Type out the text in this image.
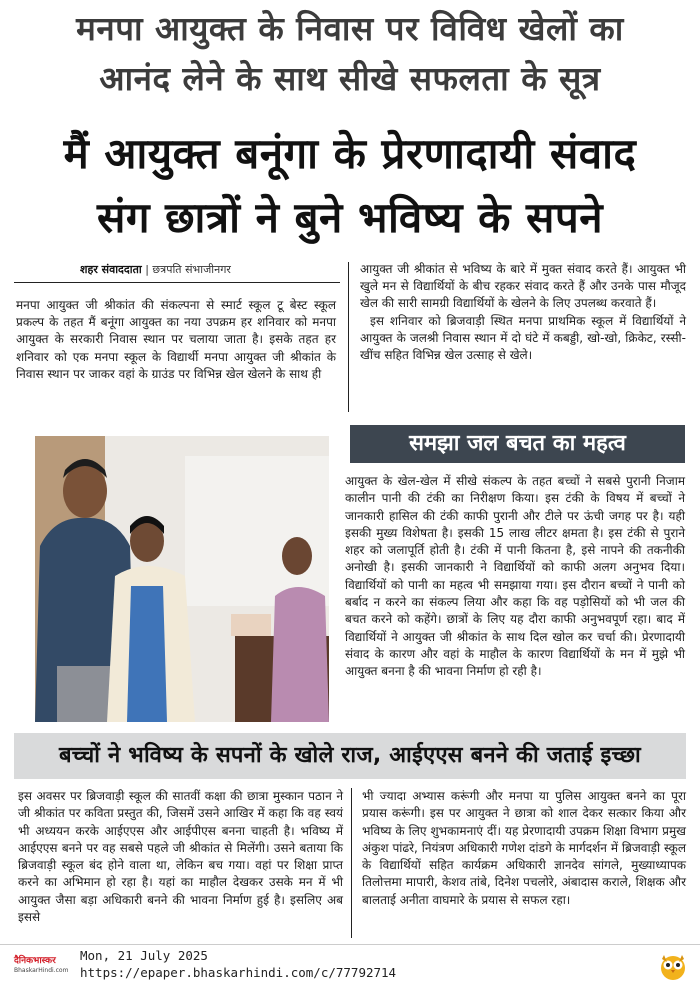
मनपा आयुक्त के निवास पर विविध खेलों का
आनंद लेने के साथ सीखे सफलता के सूत्र
मैं आयुक्त बनूंगा के प्रेरणादायी संवाद
संग छात्रों ने बुने भविष्य के सपने
शहर संवाददाता | छत्रपति संभाजीनगर
मनपा आयुक्त जी श्रीकांत की संकल्पना से स्मार्ट स्कूल टू बेस्ट स्कूल प्रकल्प के तहत मैं बनूंगा आयुक्त का नया उपक्रम हर शनिवार को मनपा आयुक्त के सरकारी निवास स्थान पर चलाया जाता है। इसके तहत हर शनिवार को एक मनपा स्कूल के विद्यार्थी मनपा आयुक्त जी श्रीकांत के निवास स्थान पर जाकर वहां के ग्राउंड पर विभिन्न खेल खेलने के साथ ही
आयुक्त जी श्रीकांत से भविष्य के बारे में मुक्त संवाद करते हैं। आयुक्त भी खुले मन से विद्यार्थियों के बीच रहकर संवाद करते हैं और उनके पास मौजूद खेल की सारी सामग्री विद्यार्थियों के खेलने के लिए उपलब्ध करवाते हैं।
इस शनिवार को ब्रिजवाड़ी स्थित मनपा प्राथमिक स्कूल में विद्यार्थियों ने आयुक्त के जलश्री निवास स्थान में दो घंटे में कबड्डी, खो-खो, क्रिकेट, रस्सी-खींच सहित विभिन्न खेल उत्साह से खेले।
समझा जल बचत का महत्व
आयुक्त के खेल-खेल में सीखे संकल्प के तहत बच्चों ने सबसे पुरानी निजाम कालीन पानी की टंकी का निरीक्षण किया। इस टंकी के विषय में बच्चों ने जानकारी हासिल की टंकी काफी पुरानी और टीले पर ऊंची जगह पर है। यही इसकी मुख्य विशेषता है। इसकी 15 लाख लीटर क्षमता है। इस टंकी से पुराने शहर को जलापूर्ति होती है। टंकी में पानी कितना है, इसे नापने की तकनीकी अनोखी है। इसकी जानकारी ने विद्यार्थियों को काफी अलग अनुभव दिया। विद्यार्थियों को पानी का महत्व भी समझाया गया। इस दौरान बच्चों ने पानी को बर्बाद न करने का संकल्प लिया और कहा कि वह पड़ोसियों को भी जल की बचत करने को कहेंगे। छात्रों के लिए यह दौरा काफी अनुभवपूर्ण रहा। बाद में विद्यार्थियों ने आयुक्त जी श्रीकांत के साथ दिल खोल कर चर्चा की। प्रेरणादायी संवाद के कारण और वहां के माहौल के कारण विद्यार्थियों के मन में मुझे भी आयुक्त बनना है की भावना निर्माण हो रही है।
बच्चों ने भविष्य के सपनों के खोले राज, आईएएस बनने की जताई इच्छा
इस अवसर पर ब्रिजवाड़ी स्कूल की सातवीं कक्षा की छात्रा मुस्कान पठान ने जी श्रीकांत पर कविता प्रस्तुत की, जिसमें उसने आखिर में कहा कि वह स्वयं भी अध्ययन करके आईएएस और आईपीएस बनना चाहती है। भविष्य में आईएएस बनने पर वह सबसे पहले जी श्रीकांत से मिलेंगी। उसने बताया कि ब्रिजवाड़ी स्कूल बंद होने वाला था, लेकिन बच गया। वहां पर शिक्षा प्राप्त करने का अभिमान हो रहा है। यहां का माहौल देखकर उसके मन में भी आयुक्त जैसा बड़ा अधिकारी बनने की भावना निर्माण हुई है। इसलिए अब इससे
भी ज्यादा अभ्यास करूंगी और मनपा या पुलिस आयुक्त बनने का पूरा प्रयास करूंगी। इस पर आयुक्त ने छात्रा को शाल देकर सत्कार किया और भविष्य के लिए शुभकामनाएं दीं। यह प्रेरणादायी उपक्रम शिक्षा विभाग प्रमुख अंकुश पांढरे, नियंत्रण अधिकारी गणेश दांडगे के मार्गदर्शन में ब्रिजवाड़ी स्कूल के विद्यार्थियों सहित कार्यक्रम अधिकारी ज्ञानदेव सांगले, मुख्याध्यापक तिलोत्तमा मापारी, केशव तांबे, दिनेश पचलोरे, अंबादास कराले, शिक्षक और बालताई अनीता वाघमारे के प्रयास से सफल रहा।
दैनिकभास्कर
BhaskarHindi.com
Mon, 21 July 2025
https://epaper.bhaskarhindi.com/c/77792714
